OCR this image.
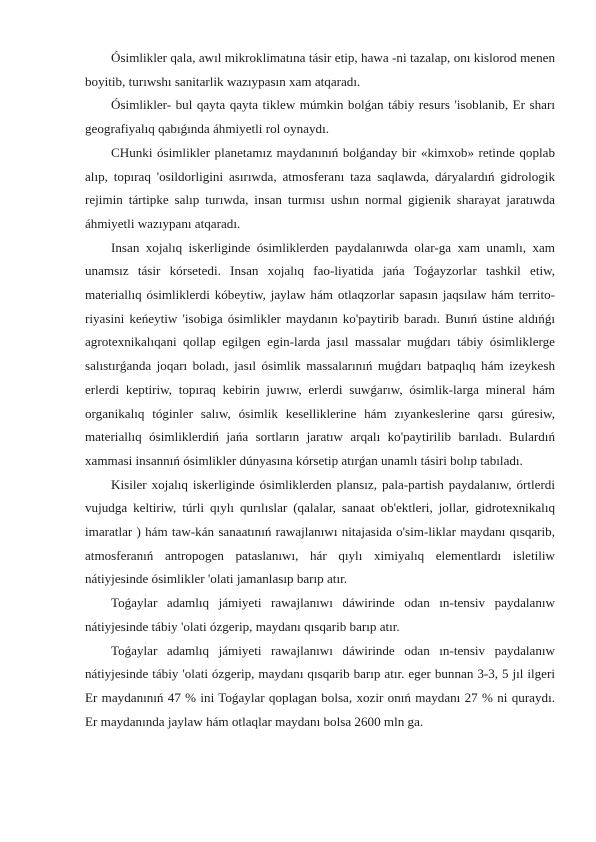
Ósimlikler qala, awıl mikroklimatına tásir etip, hawa -ni tazalap, onı kislorod menen boyitib, turıwshı sanitarlik wazıypasın xam atqaradı.

Ósimlikler- bul qayta qayta tiklew múmkin bolǵan tábiy resurs 'isoblanib, Er sharı geografiyalıq qabıǵında áhmiyetli rol oynaydı.

CHunki ósimlikler planetamız maydanınıń bolǵanday bir «kimxob» retinde qoplab alıp, topıraq 'osildorligini asırıwda, atmosferanı taza saqlawda, dáryalardıń gidrologik rejimin tártipke salıp turıwda, insan turmısı ushın normal gigienik sharayat jaratıwda áhmiyetli wazıypanı atqaradı.

Insan xojalıq iskerliginde ósimliklerden paydalanıwda olar-ga xam unamlı, xam unamsız tásir kórsetedi. Insan xojalıq fao-liyatida jańa Toǵayzorlar tashkil etiw, materiallıq ósimliklerdi kóbeytiw, jaylaw hám otlaqzorlar sapasın jaqsılaw hám territo-riyasini keńeytiw 'isobiga ósimlikler maydanın ko'paytirib baradı. Bunıń ústine aldıńǵı agrotexnikalıqani qollap egilgen egin-larda jasıl massalar muǵdarı tábiy ósimliklerge salıstırǵanda joqarı boladı, jasıl ósimlik massalarınıń muǵdarı batpaqlıq hám izeykesh erlerdi keptiriw, topıraq kebirin juwıw, erlerdi suwǵarıw, ósimlik-larga mineral hám organikalıq tóginler salıw, ósimlik keselliklerine hám zıyankeslerine qarsı gúresiw, materiallıq ósimliklerdiń jańa sortların jaratıw arqalı ko'paytirilib barıladı. Bulardıń xammasi insannıń ósimlikler dúnyasına kórsetip atırǵan unamlı tásiri bolıp tabıladı.

Kisiler xojalıq iskerliginde ósimliklerden plansız, pala-partish paydalanıw, órtlerdi vujudga keltiriw, túrli qıylı qurılıslar (qalalar, sanaat ob'ektleri, jollar, gidrotexnikalıq imaratlar ) hám taw-kán sanaatınıń rawajlanıwı nitajasida o'sim-liklar maydanı qısqarib, atmosferanıń antropogen pataslanıwı, hár qıylı ximiyalıq elementlardı isletiliw nátiyjesinde ósimlikler 'olati jamanlasıp barıp atır.

Toǵaylar adamlıq jámiyeti rawajlanıwı dáwirinde odan ın-tensiv paydalanıw nátiyjesinde tábiy 'olati ózgerip, maydanı qısqarib barıp atır.

Toǵaylar adamlıq jámiyeti rawajlanıwı dáwirinde odan ın-tensiv paydalanıw nátiyjesinde tábiy 'olati ózgerip, maydanı qısqarib barıp atır. eger bunnan 3-3, 5 jıl ilgeri Er maydanınıń 47 % ini Toǵaylar qoplagan bolsa, xozir onıń maydanı 27 % ni quraydı. Er maydanında jaylaw hám otlaqlar maydanı bolsa 2600 mln ga.
